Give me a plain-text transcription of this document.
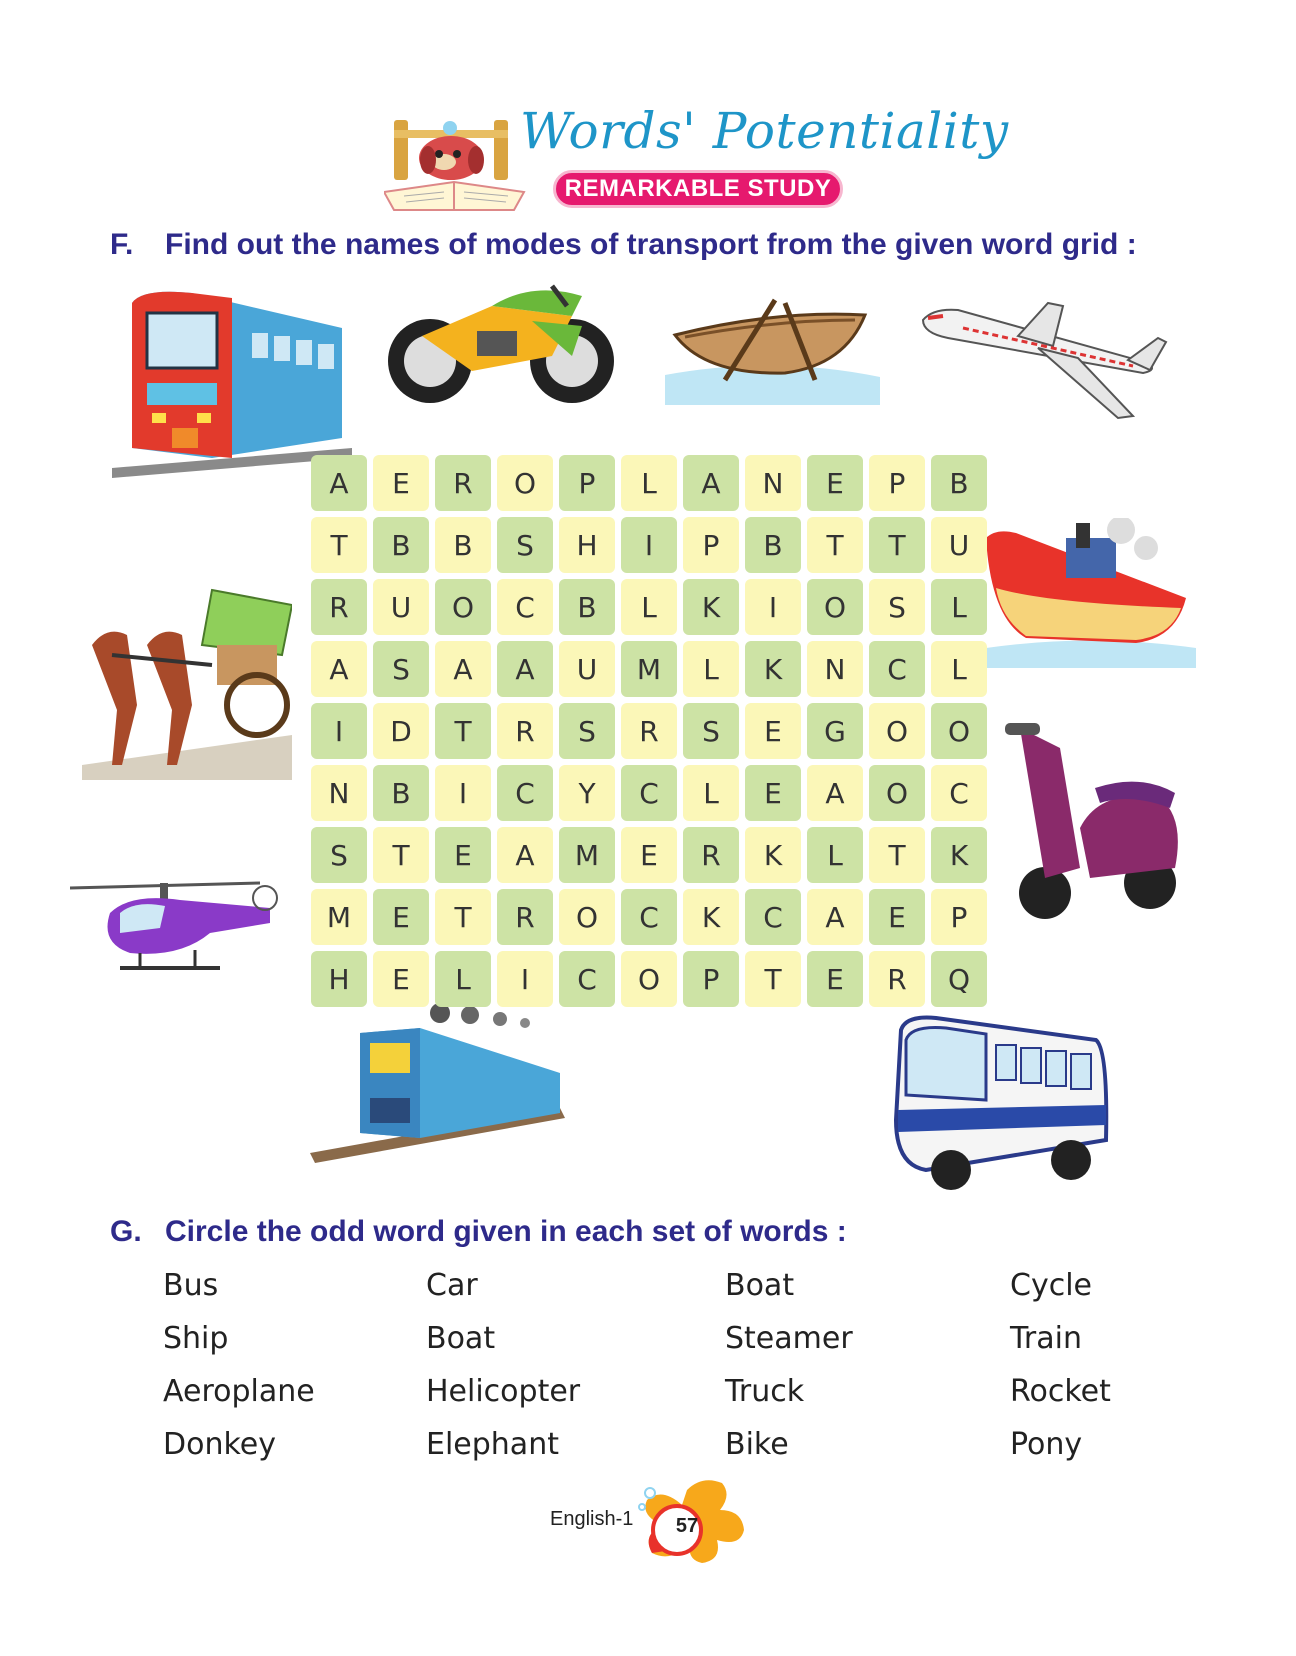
Words' Potentiality
REMARKABLE STUDY
F. Find out the names of modes of transport from the given word grid :
A	E	R	O	P	L	A	N	E	P	B
T	B	B	S	H	I	P	B	T	T	U
R	U	O	C	B	L	K	I	O	S	L
A	S	A	A	U	M	L	K	N	C	L
I	D	T	R	S	R	S	E	G	O	O
N	B	I	C	Y	C	L	E	A	O	C
S	T	E	A	M	E	R	K	L	T	K
M	E	T	R	O	C	K	C	A	E	P
H	E	L	I	C	O	P	T	E	R	Q
G. Circle the odd word given in each set of words :
Bus	Car	Boat	Cycle
Ship	Boat	Steamer	Train
Aeroplane	Helicopter	Truck	Rocket
Donkey	Elephant	Bike	Pony
English-1	57
